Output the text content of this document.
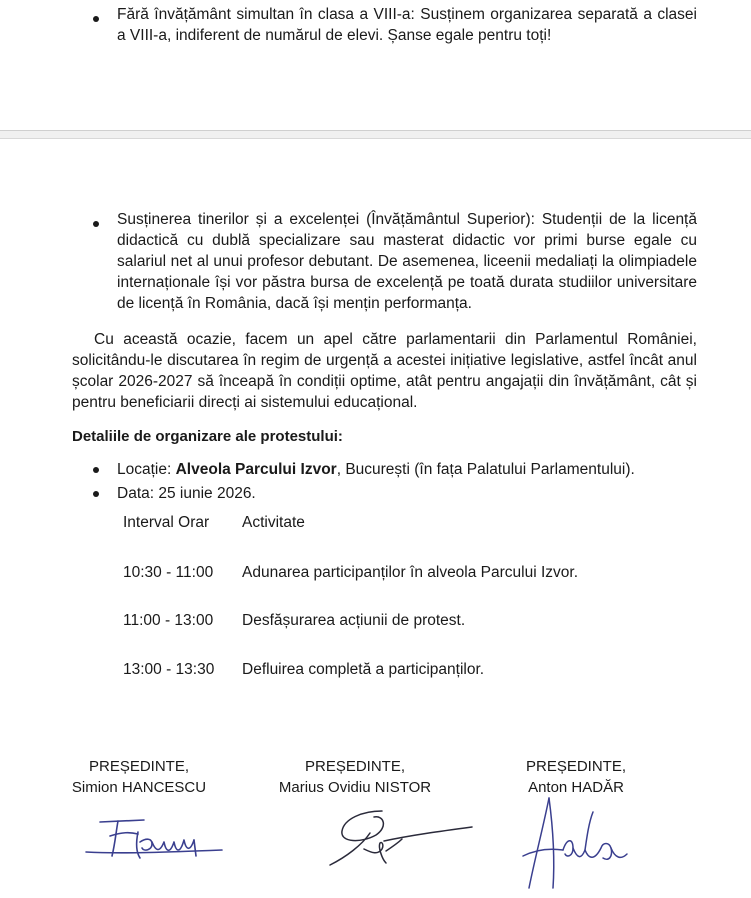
Fără învățământ simultan în clasa a VIII-a: Susținem organizarea separată a clasei a VIII-a, indiferent de numărul de elevi. Șanse egale pentru toți!
Susținerea tinerilor și a excelenței (Învățământul Superior): Studenții de la licență didactică cu dublă specializare sau masterat didactic vor primi burse egale cu salariul net al unui profesor debutant. De asemenea, liceenii medaliați la olimpiadele internaționale își vor păstra bursa de excelență pe toată durata studiilor universitare de licență în România, dacă își mențin performanța.
Cu această ocazie, facem un apel către parlamentarii din Parlamentul României, solicitându-le discutarea în regim de urgență a acestei inițiative legislative, astfel încât anul școlar 2026-2027 să înceapă în condiții optime, atât pentru angajații din învățământ, cât și pentru beneficiarii direcți ai sistemului educațional.
Detaliile de organizare ale protestului:
Locație: Alveola Parcului Izvor, București (în fața Palatului Parlamentului).
Data: 25 iunie 2026.
Interval Orar Activitate
10:30 - 11:00 Adunarea participanților în alveola Parcului Izvor.
11:00 - 13:00 Desfășurarea acțiunii de protest.
13:00 - 13:30 Defluirea completă a participanților.
PREȘEDINTE,
Simion HANCESCU
PREȘEDINTE,
Marius Ovidiu NISTOR
PREȘEDINTE,
Anton HADĂR
